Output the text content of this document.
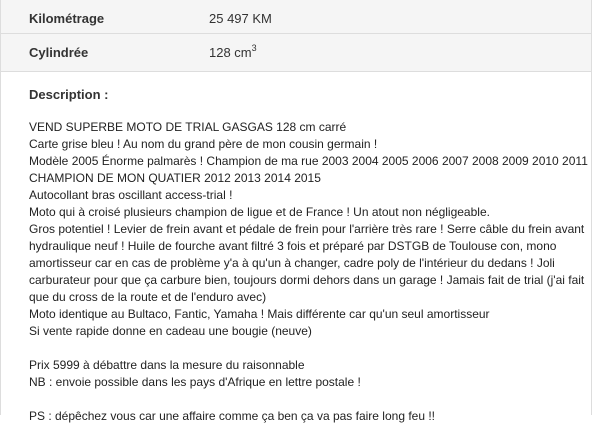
Kilométrage	25 497 KM
Cylindrée	128 $cm^3$
Description :
VEND SUPERBE MOTO DE TRIAL GASGAS 128 cm carré
Carte grise bleu ! Au nom du grand père de mon cousin germain !
Modèle 2005 Énorme palmarès ! Champion de ma rue 2003 2004 2005 2006 2007 2008 2009 2010 2011
CHAMPION DE MON QUATIER 2012 2013 2014 2015
Autocollant bras oscillant access-trial !
Moto qui à croisé plusieurs champion de ligue et de France ! Un atout non négligeable.
Gros potentiel ! Levier de frein avant et pédale de frein pour l'arrière très rare ! Serre câble du frein avant
hydraulique neuf ! Huile de fourche avant filtré 3 fois et préparé par DSTGB de Toulouse con, mono
amortisseur car en cas de problème y'a à qu'un à changer, cadre poly de l'intérieur du dedans ! Joli
carburateur pour que ça carbure bien, toujours dormi dehors dans un garage ! Jamais fait de trial (j'ai fait
que du cross de la route et de l'enduro avec)
Moto identique au Bultaco, Fantic, Yamaha ! Mais différente car qu'un seul amortisseur
Si vente rapide donne en cadeau une bougie (neuve)
Prix 5999 à débattre dans la mesure du raisonnable
NB : envoie possible dans les pays d'Afrique en lettre postale !
PS : dépêchez vous car une affaire comme ça ben ça va pas faire long feu !!
